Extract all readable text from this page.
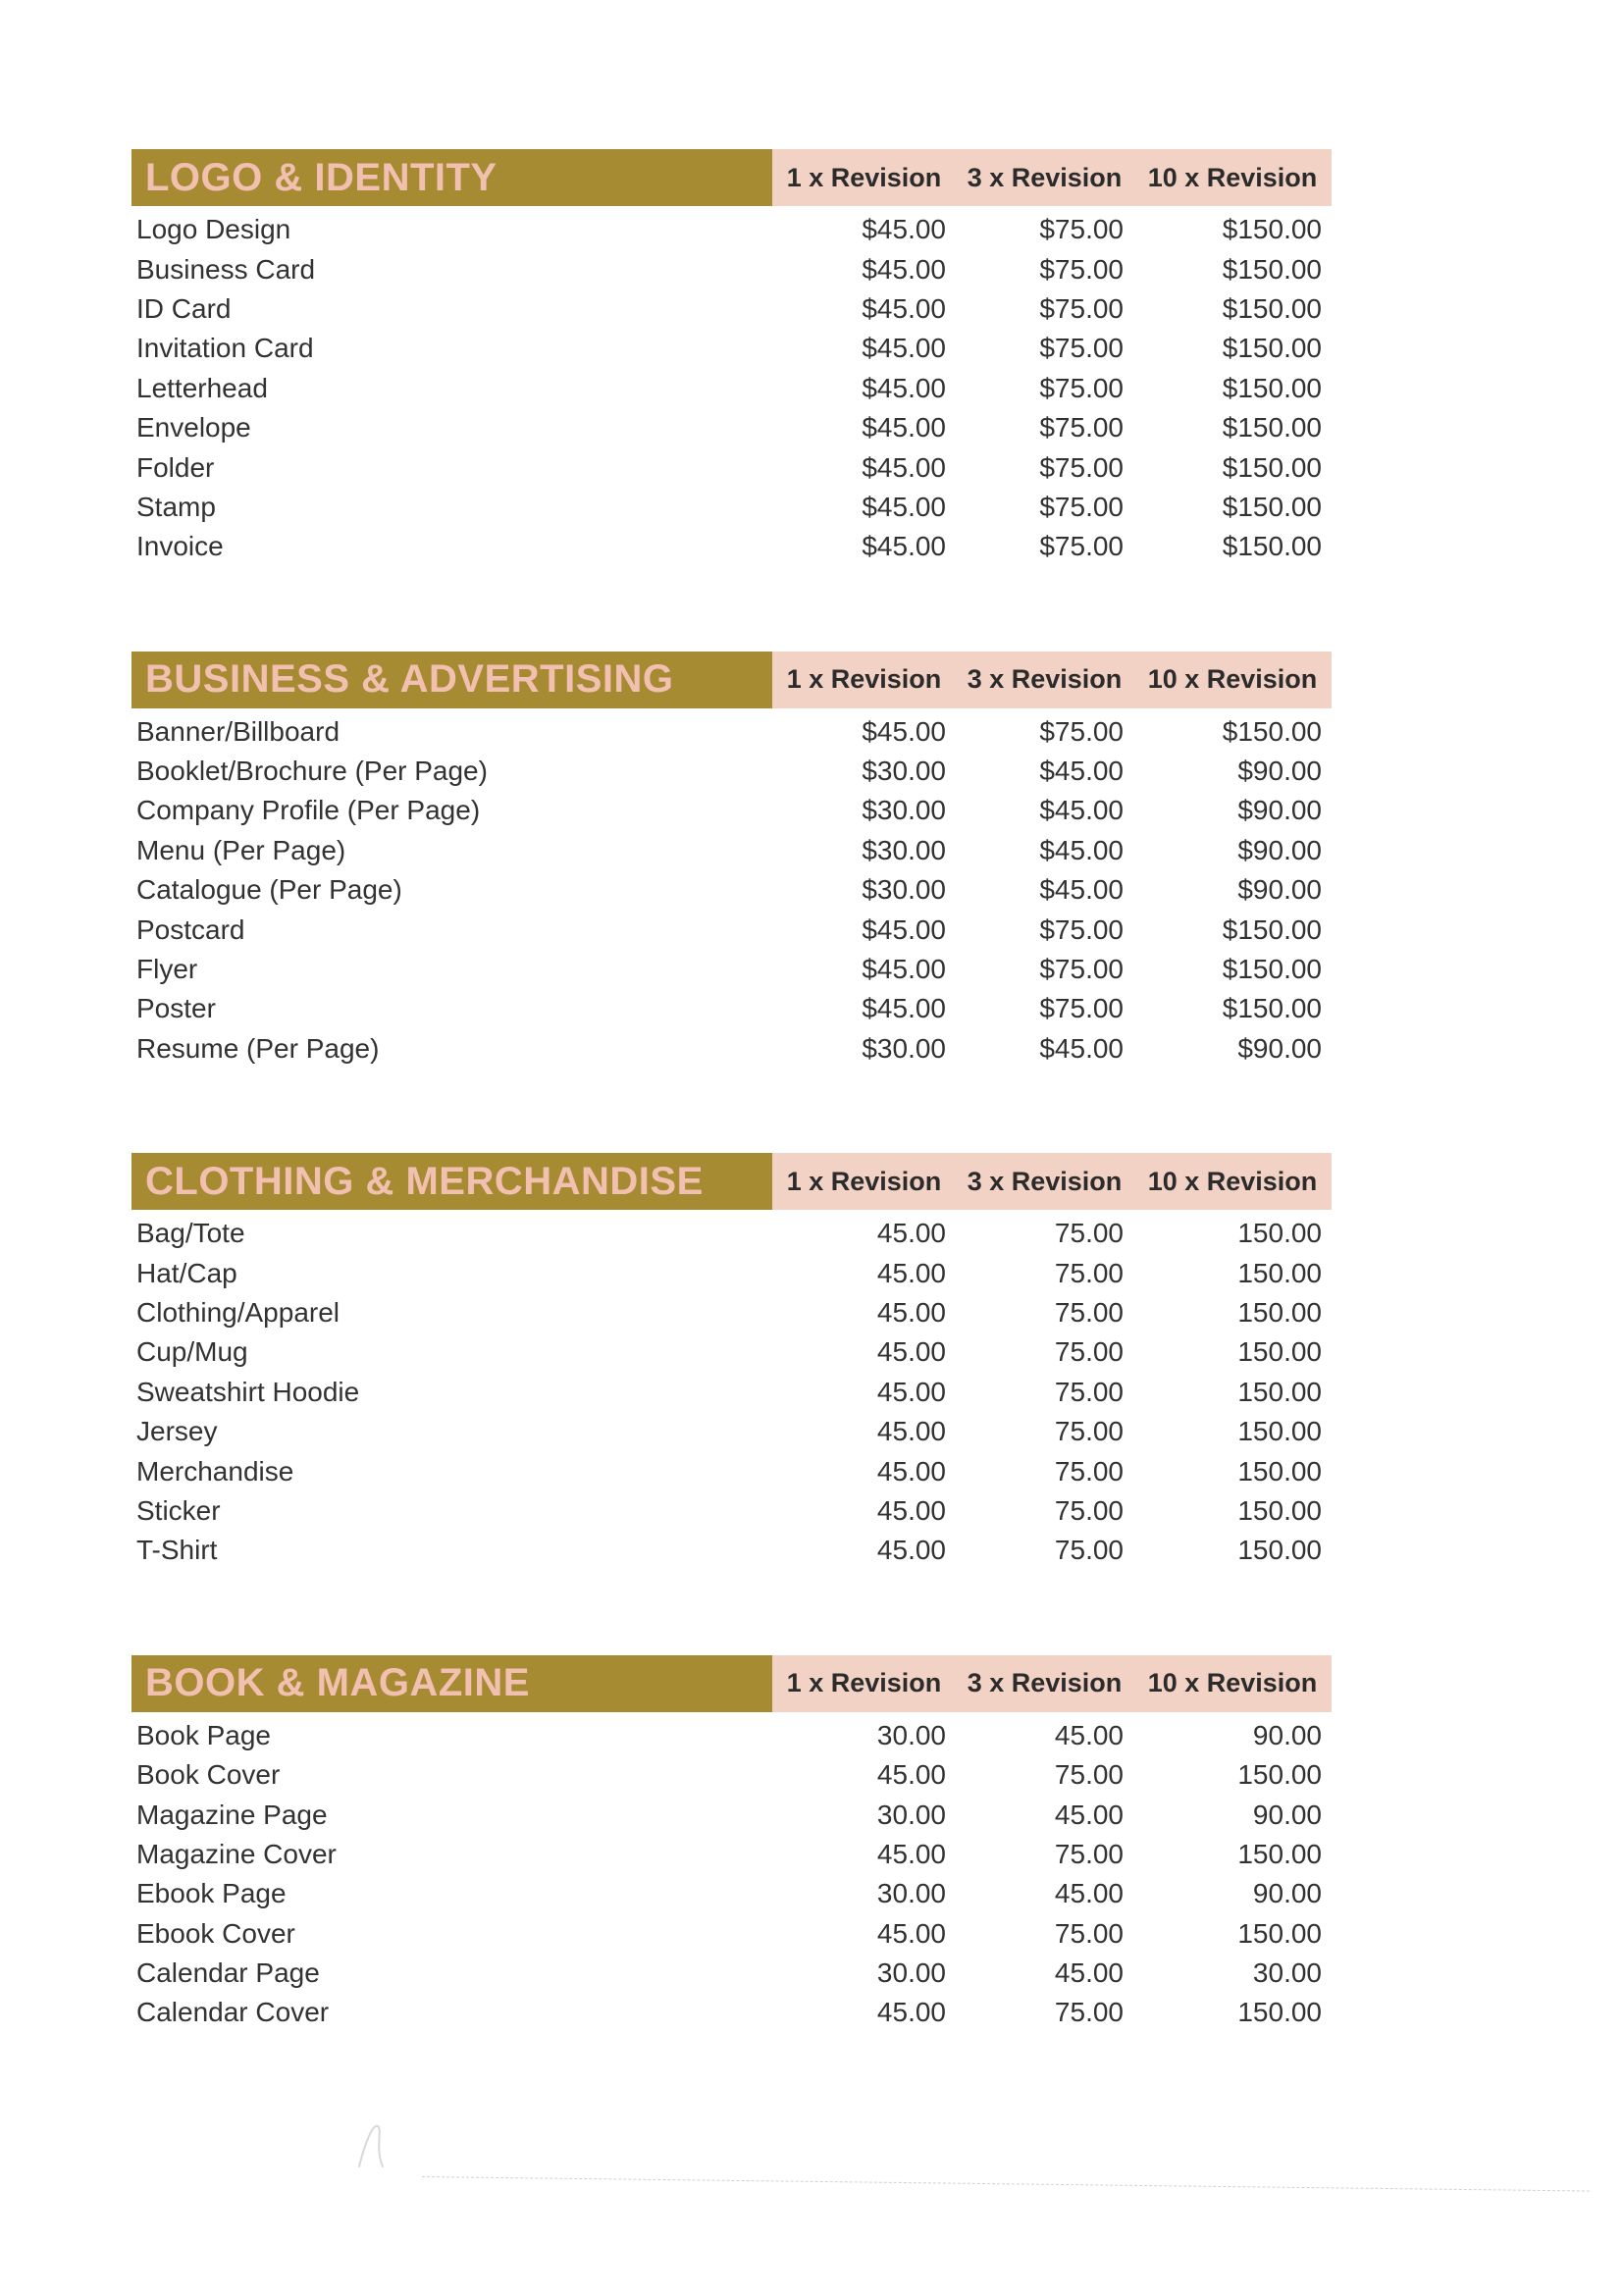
LOGO & IDENTITY	1 x Revision 3 x Revision 10 x Revision
Logo Design	$45.00	$75.00	$150.00
Business Card	$45.00	$75.00	$150.00
ID Card	$45.00	$75.00	$150.00
Invitation Card	$45.00	$75.00	$150.00
Letterhead	$45.00	$75.00	$150.00
Envelope	$45.00	$75.00	$150.00
Folder	$45.00	$75.00	$150.00
Stamp	$45.00	$75.00	$150.00
Invoice	$45.00	$75.00	$150.00
BUSINESS & ADVERTISING	1 x Revision 3 x Revision 10 x Revision
Banner/Billboard	$45.00	$75.00	$150.00
Booklet/Brochure (Per Page)	$30.00	$45.00	$90.00
Company Profile (Per Page)	$30.00	$45.00	$90.00
Menu (Per Page)	$30.00	$45.00	$90.00
Catalogue (Per Page)	$30.00	$45.00	$90.00
Postcard	$45.00	$75.00	$150.00
Flyer	$45.00	$75.00	$150.00
Poster	$45.00	$75.00	$150.00
Resume (Per Page)	$30.00	$45.00	$90.00
CLOTHING & MERCHANDISE	1 x Revision 3 x Revision 10 x Revision
Bag/Tote	45.00	75.00	150.00
Hat/Cap	45.00	75.00	150.00
Clothing/Apparel	45.00	75.00	150.00
Cup/Mug	45.00	75.00	150.00
Sweatshirt Hoodie	45.00	75.00	150.00
Jersey	45.00	75.00	150.00
Merchandise	45.00	75.00	150.00
Sticker	45.00	75.00	150.00
T-Shirt	45.00	75.00	150.00
BOOK & MAGAZINE	1 x Revision 3 x Revision 10 x Revision
Book Page	30.00	45.00	90.00
Book Cover	45.00	75.00	150.00
Magazine Page	30.00	45.00	90.00
Magazine Cover	45.00	75.00	150.00
Ebook Page	30.00	45.00	90.00
Ebook Cover	45.00	75.00	150.00
Calendar Page	30.00	45.00	30.00
Calendar Cover	45.00	75.00	150.00
